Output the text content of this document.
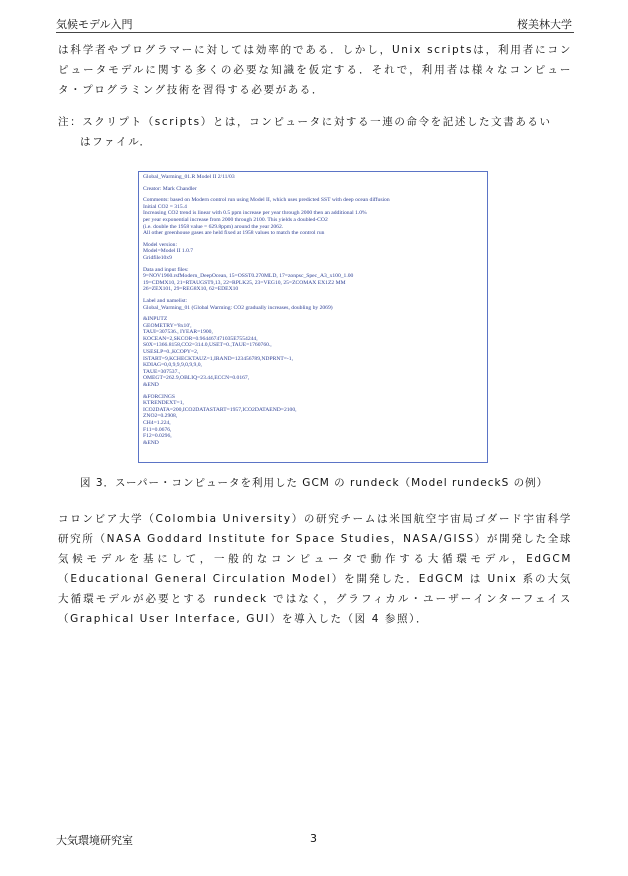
気候モデル入門	桜美林大学
は科学者やプログラマーに対しては効率的である．しかし，Unix scriptsは，利用者にコンピュータモデルに関する多くの必要な知識を仮定する．それで，利用者は様々なコンピュータ・プログラミング技術を習得する必要がある．
注：スクリプト（scripts）とは，コンピュータに対する一連の命令を記述した文書あるい
はファイル．
Global_Warming_01.R Model II 2/11/03
Creator: Mark Chandler
Comments: based on Modern control run using Model II, which uses predicted SST with deep ocean diffusion
Initial CO2 = 315.4
Increasing CO2 trend is linear with 0.5 ppm increase per year through 2000 then an additional 1.0%
per year exponential increase from 2000 through 2100. This yields a doubled-CO2
(i.e. double the 1958 value = 629.8ppm) around the year 2062.
All other greenhouse gases are held fixed at 1958 values to match the control run
Model version:
Model=Model II 1.0.7
Gridfile10x9
Data and input files:
9=NOV1960.rsfModern_DeepOcean, 15=OSST0.270MLD, 17=zonpsc_Spec_A3_x100_1.00
19=CDMX10, 21=RTAUGST9,13, 22=RPLK25, 23=VEG10, 25=ZCOMAX EX1Z2 MM
26=ZEX101, 29=REG8X10, 62=EDEX10
Label and namelist:
Global_Warming_01 (Global Warming: CO2 gradually increases, doubling by 2069)
&INPUTZ
GEOMETRY='8x10',
TAUI=307536., IYEAR=1900,
KOCEAN=2,SKCOR=0.964467471035E7554244,
S0X=1366.8158,CO2=314.0,USET=0.,TAUE=1760760.,
USESLP=0.,KCOPY=2,
ISTART=9,KCHECKTAUZ=1,IRAND=123456789,NDPRNT=-1,
KDIAG=0,0,9,9,9,0,9,9,0,
TAUE=307537.,
OMEGT=262.9,OBLIQ=23.44,ECCN=0.0167,
&END
&FORCINGS
KTRENDEXT=1,
ICO2DATA=200,ICO2DATASTART=1957,ICO2DATAEND=2100,
ZNO2=0.2908,
CH4=1.224,
F11=0.0676,
F12=0.0296,
&END
図 3．スーパー・コンピュータを利用した GCM の rundeck（Model rundeckS の例）
コロンビア大学（Colombia University）の研究チームは米国航空宇宙局ゴダード宇宙科学研究所（NASA Goddard Institute for Space Studies，NASA/GISS）が開発した全球気候モデルを基にして，一般的なコンピュータで動作する大循環モデル，EdGCM（Educational General Circulation Model）を開発した．EdGCM は Unix 系の大気大循環モデルが必要とする rundeck ではなく，グラフィカル・ユーザーインターフェイス（Graphical User Interface, GUI）を導入した（図 4 参照）．
大気環境研究室	3
